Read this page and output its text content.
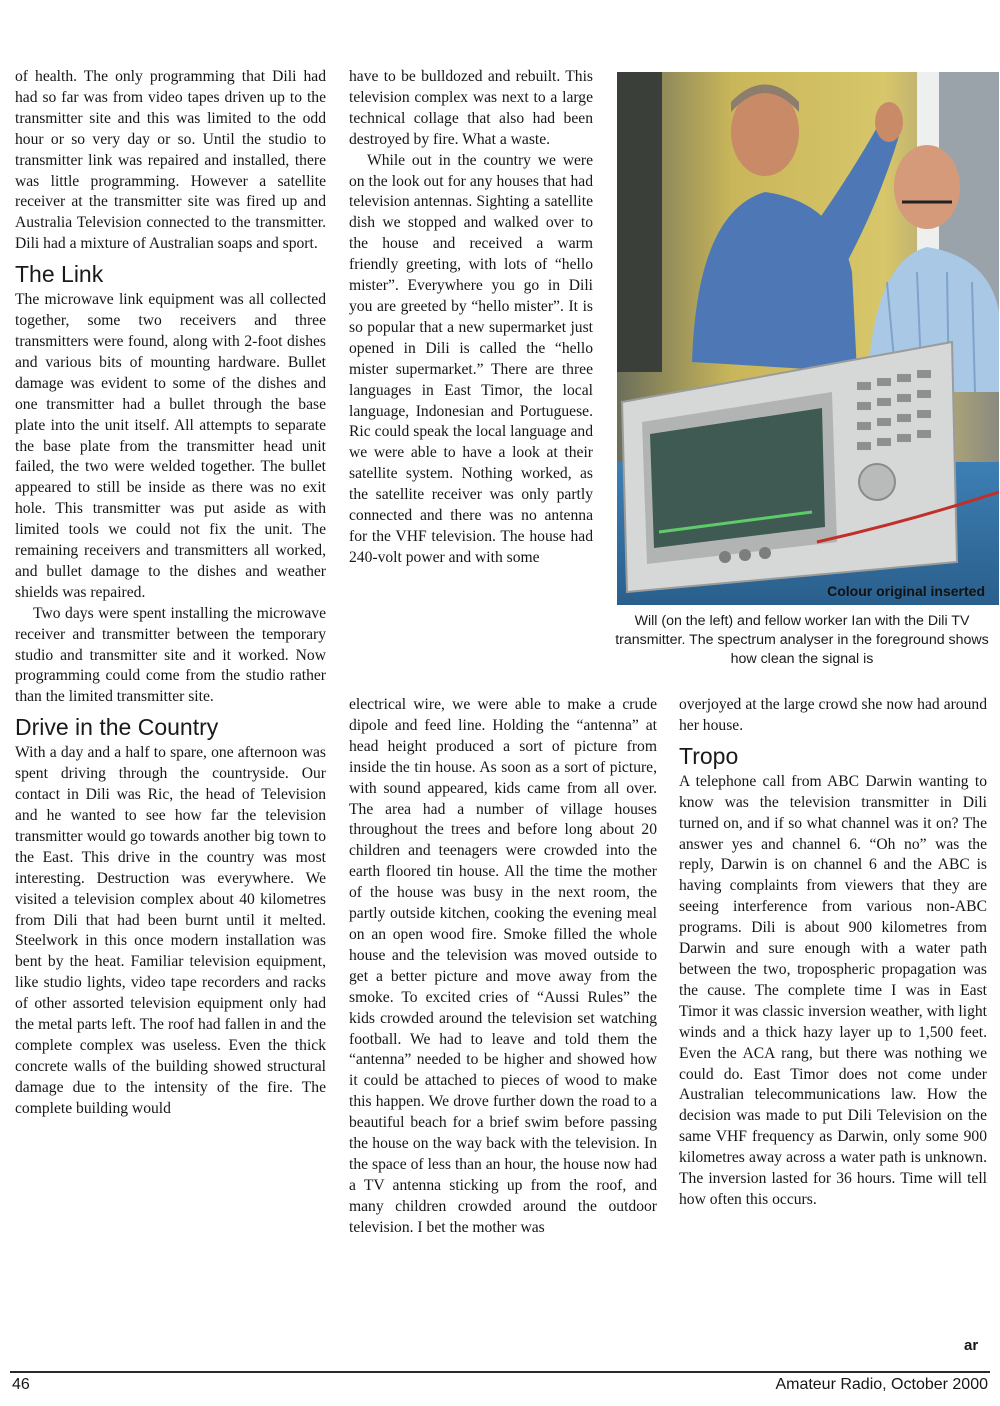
of health. The only programming that Dili had had so far was from video tapes driven up to the transmitter site and this was limited to the odd hour or so very day or so. Until the studio to transmitter link was repaired and installed, there was little programming. However a satellite receiver at the transmitter site was fired up and Australia Television connected to the transmitter. Dili had a mixture of Australian soaps and sport.

The Link

The microwave link equipment was all collected together, some two receivers and three transmitters were found, along with 2-foot dishes and various bits of mounting hardware. Bullet damage was evident to some of the dishes and one transmitter had a bullet through the base plate into the unit itself. All attempts to separate the base plate from the transmitter head unit failed, the two were welded together. The bullet appeared to still be inside as there was no exit hole. This transmitter was put aside as with limited tools we could not fix the unit. The remaining receivers and transmitters all worked, and bullet damage to the dishes and weather shields was repaired.

Two days were spent installing the microwave receiver and transmitter between the temporary studio and transmitter site and it worked. Now programming could come from the studio rather than the limited transmitter site.

Drive in the Country

With a day and a half to spare, one afternoon was spent driving through the countryside. Our contact in Dili was Ric, the head of Television and he wanted to see how far the television transmitter would go towards another big town to the East. This drive in the country was most interesting. Destruction was everywhere. We visited a television complex about 40 kilometres from Dili that had been burnt until it melted. Steelwork in this once modern installation was bent by the heat. Familiar television equipment, like studio lights, video tape recorders and racks of other assorted television equipment only had the metal parts left. The roof had fallen in and the complete complex was useless. Even the thick concrete walls of the building showed structural damage due to the intensity of the fire. The complete building would

have to be bulldozed and rebuilt. This television complex was next to a large technical collage that also had been destroyed by fire. What a waste.

While out in the country we were on the look out for any houses that had television antennas. Sighting a satellite dish we stopped and walked over to the house and received a warm friendly greeting, with lots of “hello mister”. Everywhere you go in Dili you are greeted by “hello mister”. It is so popular that a new supermarket just opened in Dili is called the “hello mister supermarket.” There are three languages in East Timor, the local language, Indonesian and Portuguese. Ric could speak the local language and we were able to have a look at their satellite system. Nothing worked, as the satellite receiver was only partly connected and there was no antenna for the VHF television. The house had 240-volt power and with some

electrical wire, we were able to make a crude dipole and feed line. Holding the “antenna” at head height produced a sort of picture from inside the tin house. As soon as a sort of picture, with sound appeared, kids came from all over. The area had a number of village houses throughout the trees and before long about 20 children and teenagers were crowded into the earth floored tin house. All the time the mother of the house was busy in the next room, the partly outside kitchen, cooking the evening meal on an open wood fire. Smoke filled the whole house and the television was moved outside to get a better picture and move away from the smoke. To excited cries of “Aussi Rules” the kids crowded around the television set watching football. We had to leave and told them the “antenna” needed to be higher and showed how it could be attached to pieces of wood to make this happen. We drove further down the road to a beautiful beach for a brief swim before passing the house on the way back with the television. In the space of less than an hour, the house now had a TV antenna sticking up from the roof, and many children crowded around the outdoor television. I bet the mother was

overjoyed at the large crowd she now had around her house.

Tropo

A telephone call from ABC Darwin wanting to know was the television transmitter in Dili turned on, and if so what channel was it on? The answer yes and channel 6. “Oh no” was the reply, Darwin is on channel 6 and the ABC is having complaints from viewers that they are seeing interference from various non-ABC programs. Dili is about 900 kilometres from Darwin and sure enough with a water path between the two, tropospheric propagation was the cause. The complete time I was in East Timor it was classic inversion weather, with light winds and a thick hazy layer up to 1,500 feet. Even the ACA rang, but there was nothing we could do. East Timor does not come under Australian telecommunications law. How the decision was made to put Dili Television on the same VHF frequency as Darwin, only some 900 kilometres away across a water path is unknown. The inversion lasted for 36 hours. Time will tell how often this occurs.

Colour original inserted
Will (on the left) and fellow worker Ian with the Dili TV transmitter. The spectrum analyser in the foreground shows how clean the signal is
ar
46	Amateur Radio, October 2000
